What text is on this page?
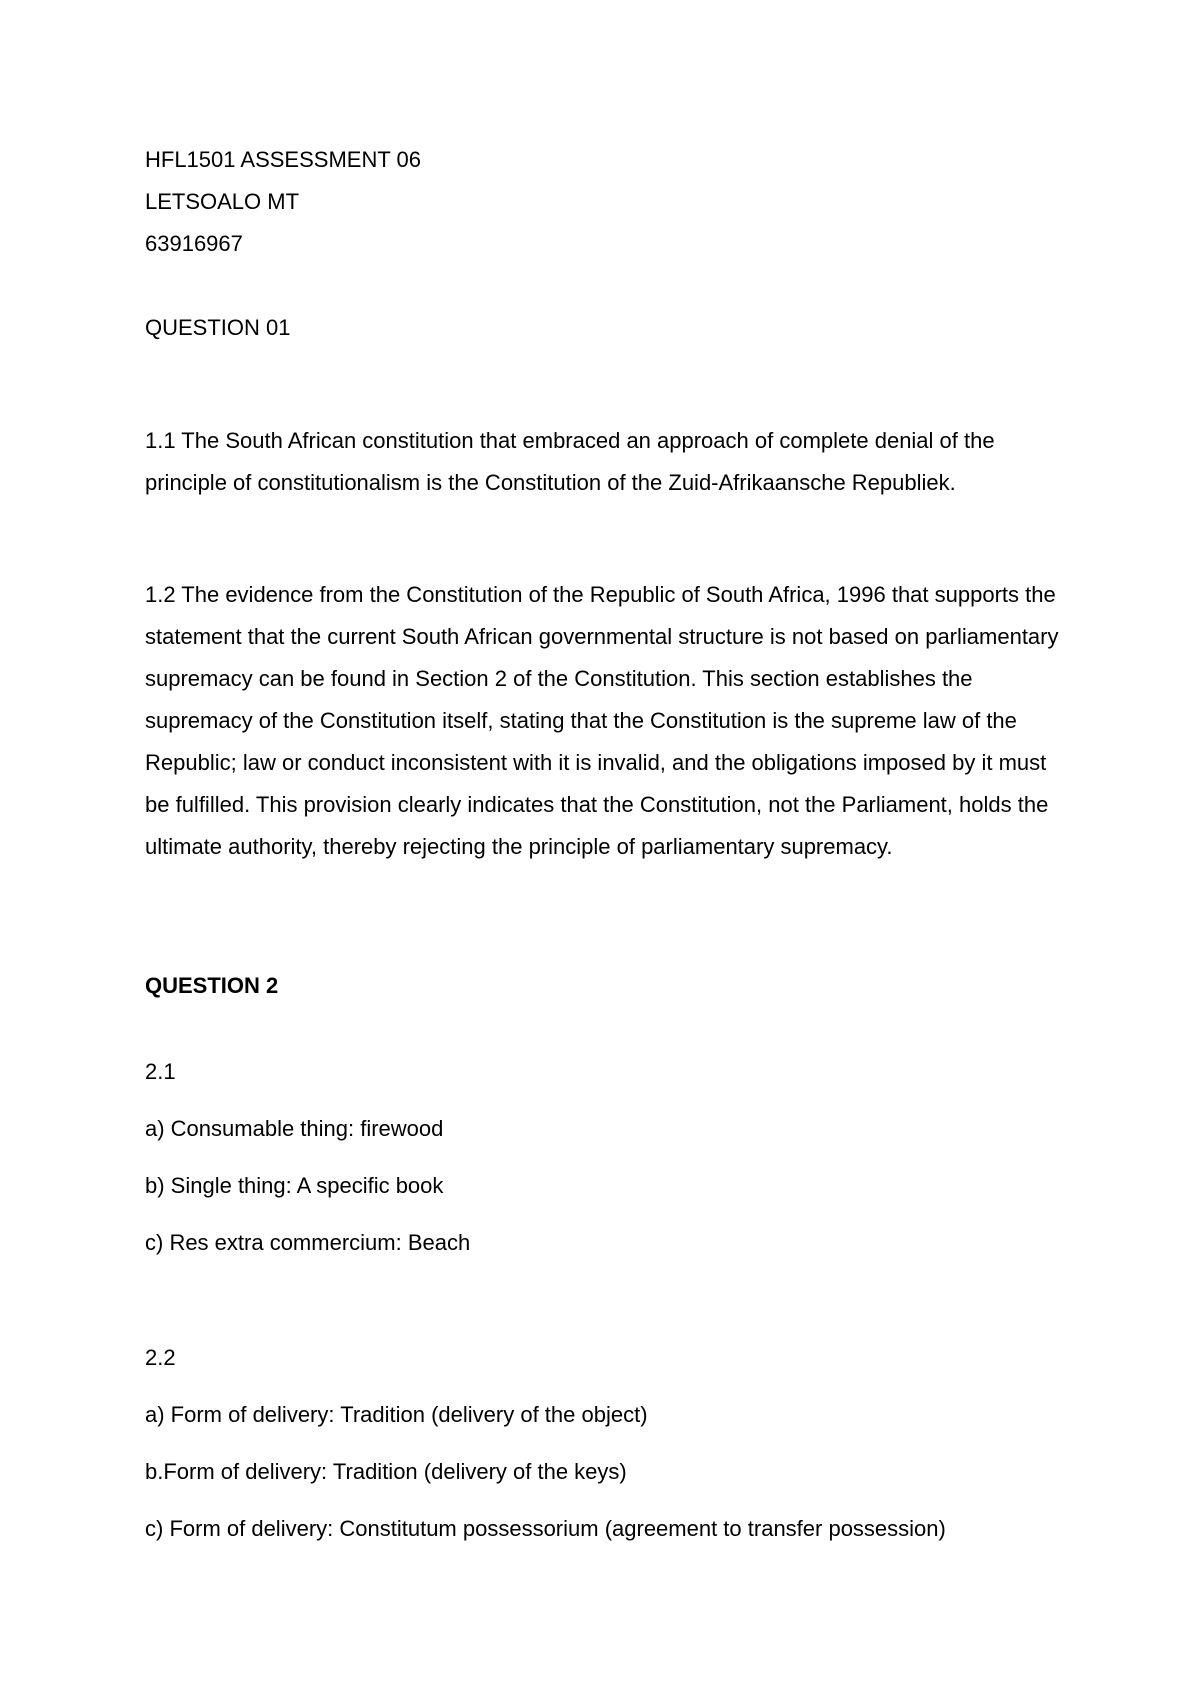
HFL1501 ASSESSMENT 06
LETSOALO MT
63916967
QUESTION 01
1.1 The South African constitution that embraced an approach of complete denial of the principle of constitutionalism is the Constitution of the Zuid-Afrikaansche Republiek.
1.2 The evidence from the Constitution of the Republic of South Africa, 1996 that supports the statement that the current South African governmental structure is not based on parliamentary supremacy can be found in Section 2 of the Constitution. This section establishes the supremacy of the Constitution itself, stating that the Constitution is the supreme law of the Republic; law or conduct inconsistent with it is invalid, and the obligations imposed by it must be fulfilled. This provision clearly indicates that the Constitution, not the Parliament, holds the ultimate authority, thereby rejecting the principle of parliamentary supremacy.
QUESTION 2
2.1
a) Consumable thing: firewood
b) Single thing: A specific book
c) Res extra commercium: Beach
2.2
a) Form of delivery: Tradition (delivery of the object)
b.Form of delivery: Tradition (delivery of the keys)
c) Form of delivery: Constitutum possessorium (agreement to transfer possession)
